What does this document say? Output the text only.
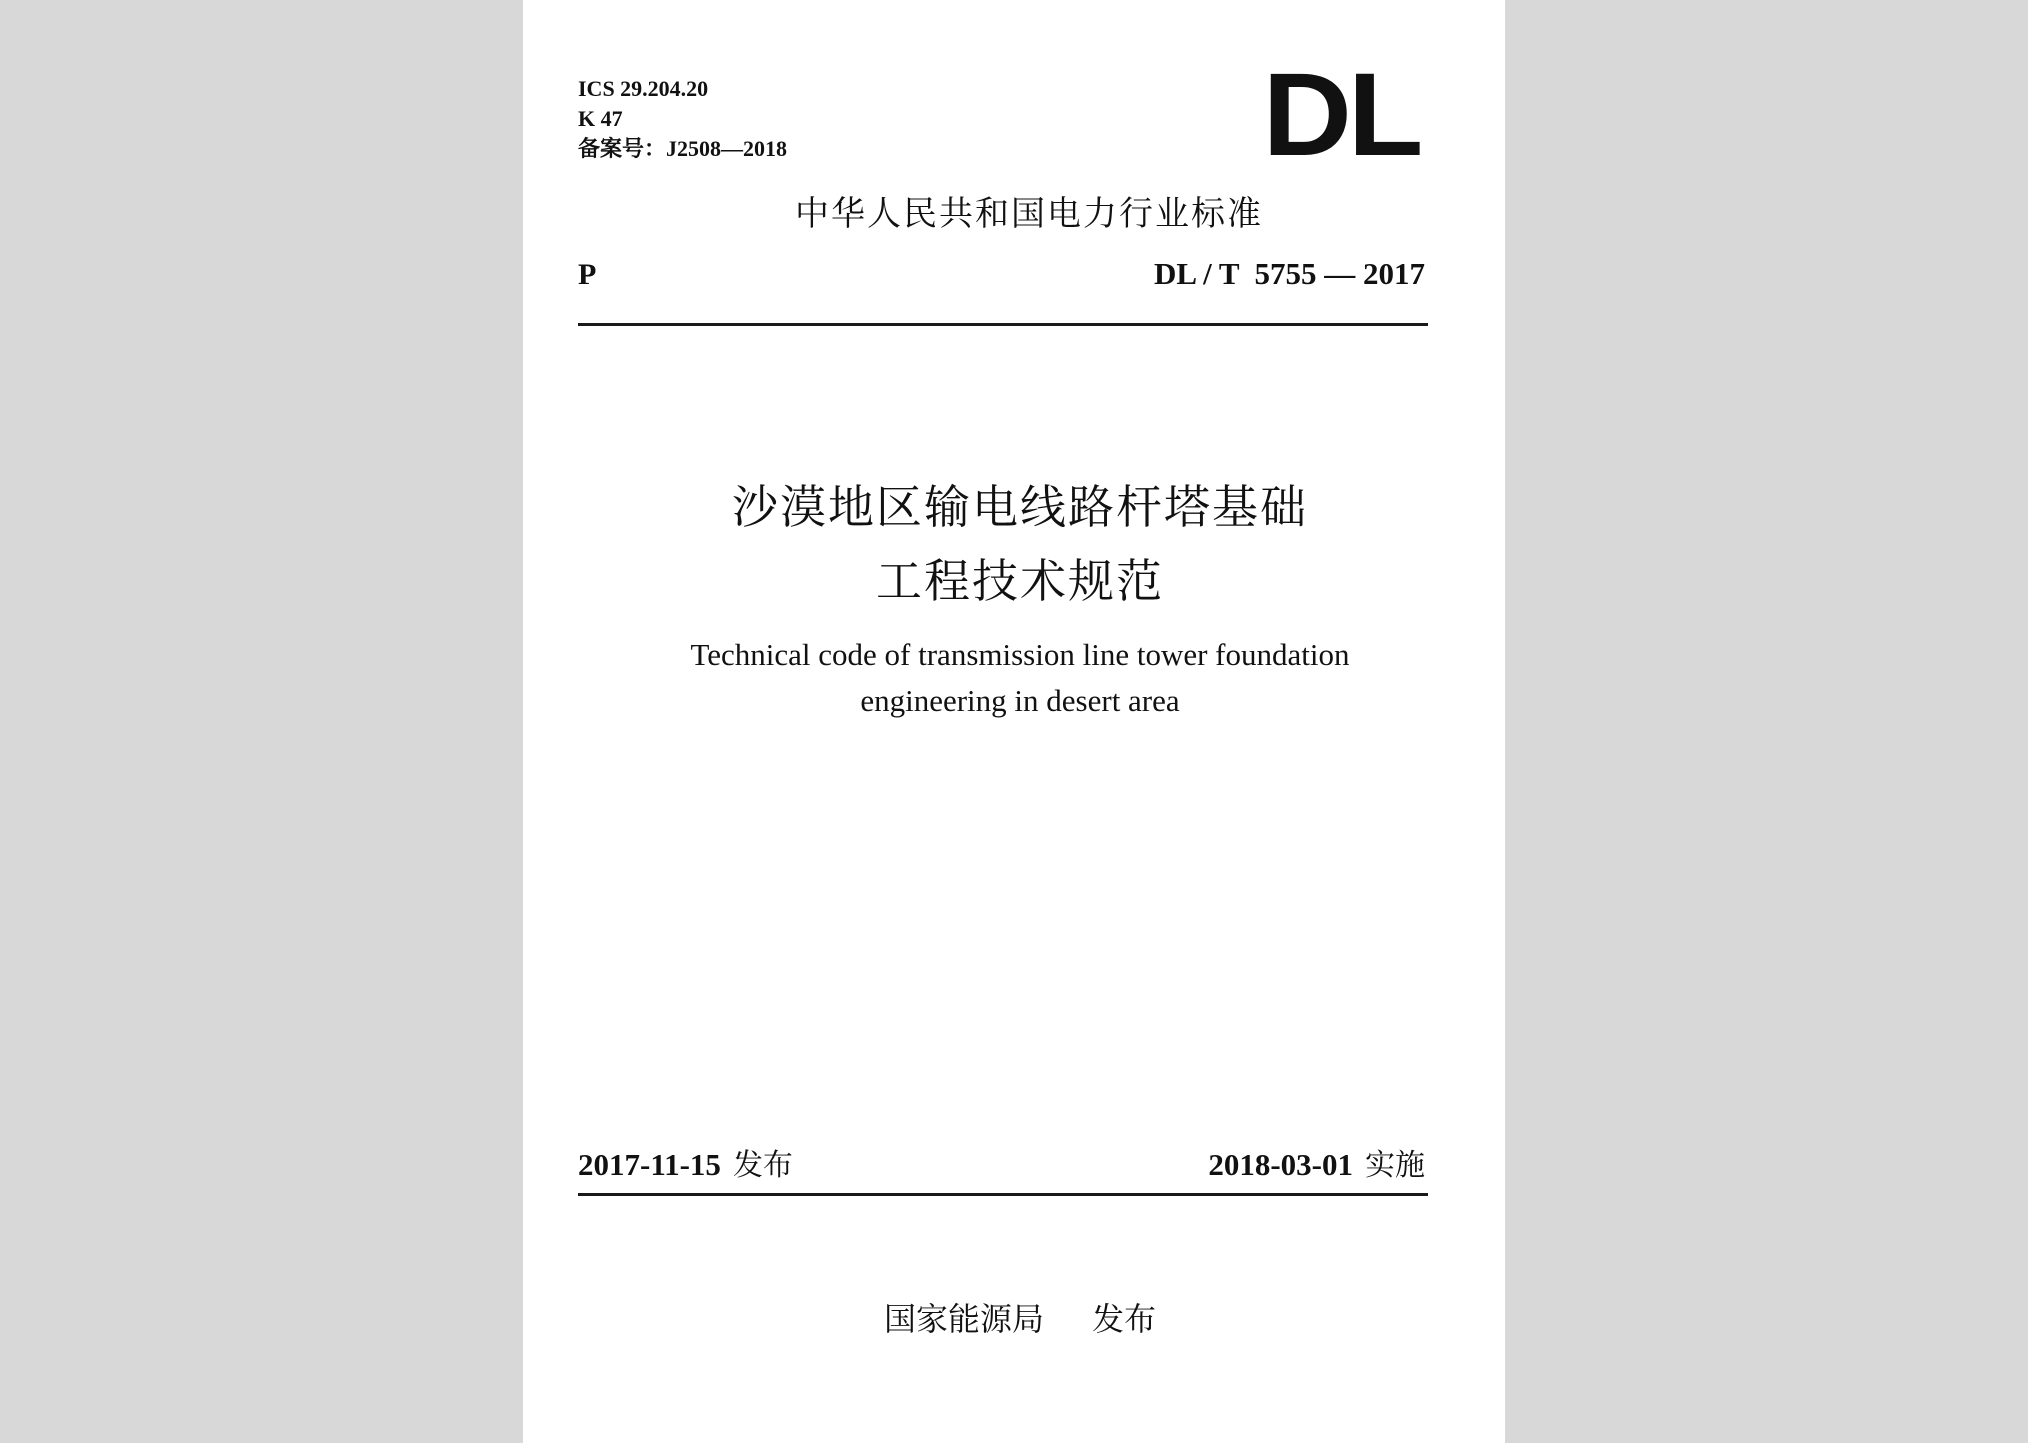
ICS 29.204.20
K 47
备案号：J2508—2018	DL
中华人民共和国电力行业标准
P	DL / T  5755 — 2017
沙漠地区输电线路杆塔基础
工程技术规范
Technical code of transmission line tower foundation
engineering in desert area
2017-11-15 发布	2018-03-01 实施
国家能源局 发布
